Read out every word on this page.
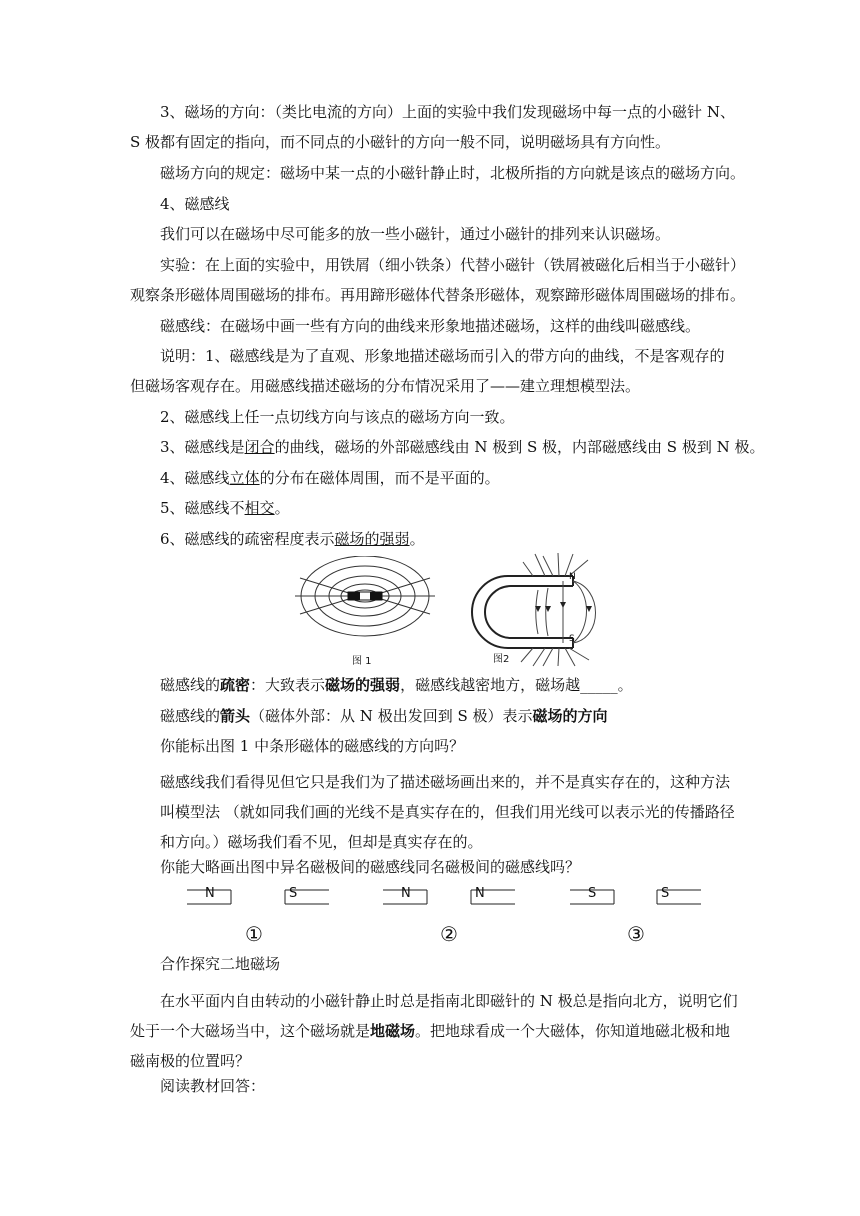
3、磁场的方向：（类比电流的方向）上面的实验中我们发现磁场中每一点的小磁针 N、
S 极都有固定的指向，而不同点的小磁针的方向一般不同，说明磁场具有方向性。
磁场方向的规定：磁场中某一点的小磁针静止时，北极所指的方向就是该点的磁场方向。
4、磁感线
我们可以在磁场中尽可能多的放一些小磁针，通过小磁针的排列来认识磁场。
实验：在上面的实验中，用铁屑（细小铁条）代替小磁针（铁屑被磁化后相当于小磁针）
观察条形磁体周围磁场的排布。再用蹄形磁体代替条形磁体，观察蹄形磁体周围磁场的排布。
磁感线：在磁场中画一些有方向的曲线来形象地描述磁场，这样的曲线叫磁感线。
说明：1、磁感线是为了直观、形象地描述磁场而引入的带方向的曲线，不是客观存的
但磁场客观存在。用磁感线描述磁场的分布情况采用了——建立理想模型法。
2、磁感线上任一点切线方向与该点的磁场方向一致。
3、磁感线是闭合的曲线，磁场的外部磁感线由 N 极到 S 极，内部磁感线由 S 极到 N 极。
4、磁感线立体的分布在磁体周围，而不是平面的。
5、磁感线不相交。
6、磁感线的疏密程度表示磁场的强弱。
图 1
N
S
图2
磁感线的疏密：大致表示磁场的强弱，磁感线越密地方，磁场越_____。
磁感线的箭头（磁体外部：从 N 极出发回到 S 极）表示磁场的方向
你能标出图 1 中条形磁体的磁感线的方向吗？
磁感线我们看得见但它只是我们为了描述磁场画出来的，并不是真实存在的，这种方法叫模型法 （就如同我们画的光线不是真实存在的，但我们用光线可以表示光的传播路径和方向。）磁场我们看不见，但却是真实存在的。
你能大略画出图中异名磁极间的磁感线同名磁极间的磁感线吗？
N	S	N	N	S	S
①	②	③
合作探究二地磁场
在水平面内自由转动的小磁针静止时总是指南北即磁针的 N 极总是指向北方，说明它们处于一个大磁场当中，这个磁场就是地磁场。把地球看成一个大磁体，你知道地磁北极和地磁南极的位置吗？
阅读教材回答：
